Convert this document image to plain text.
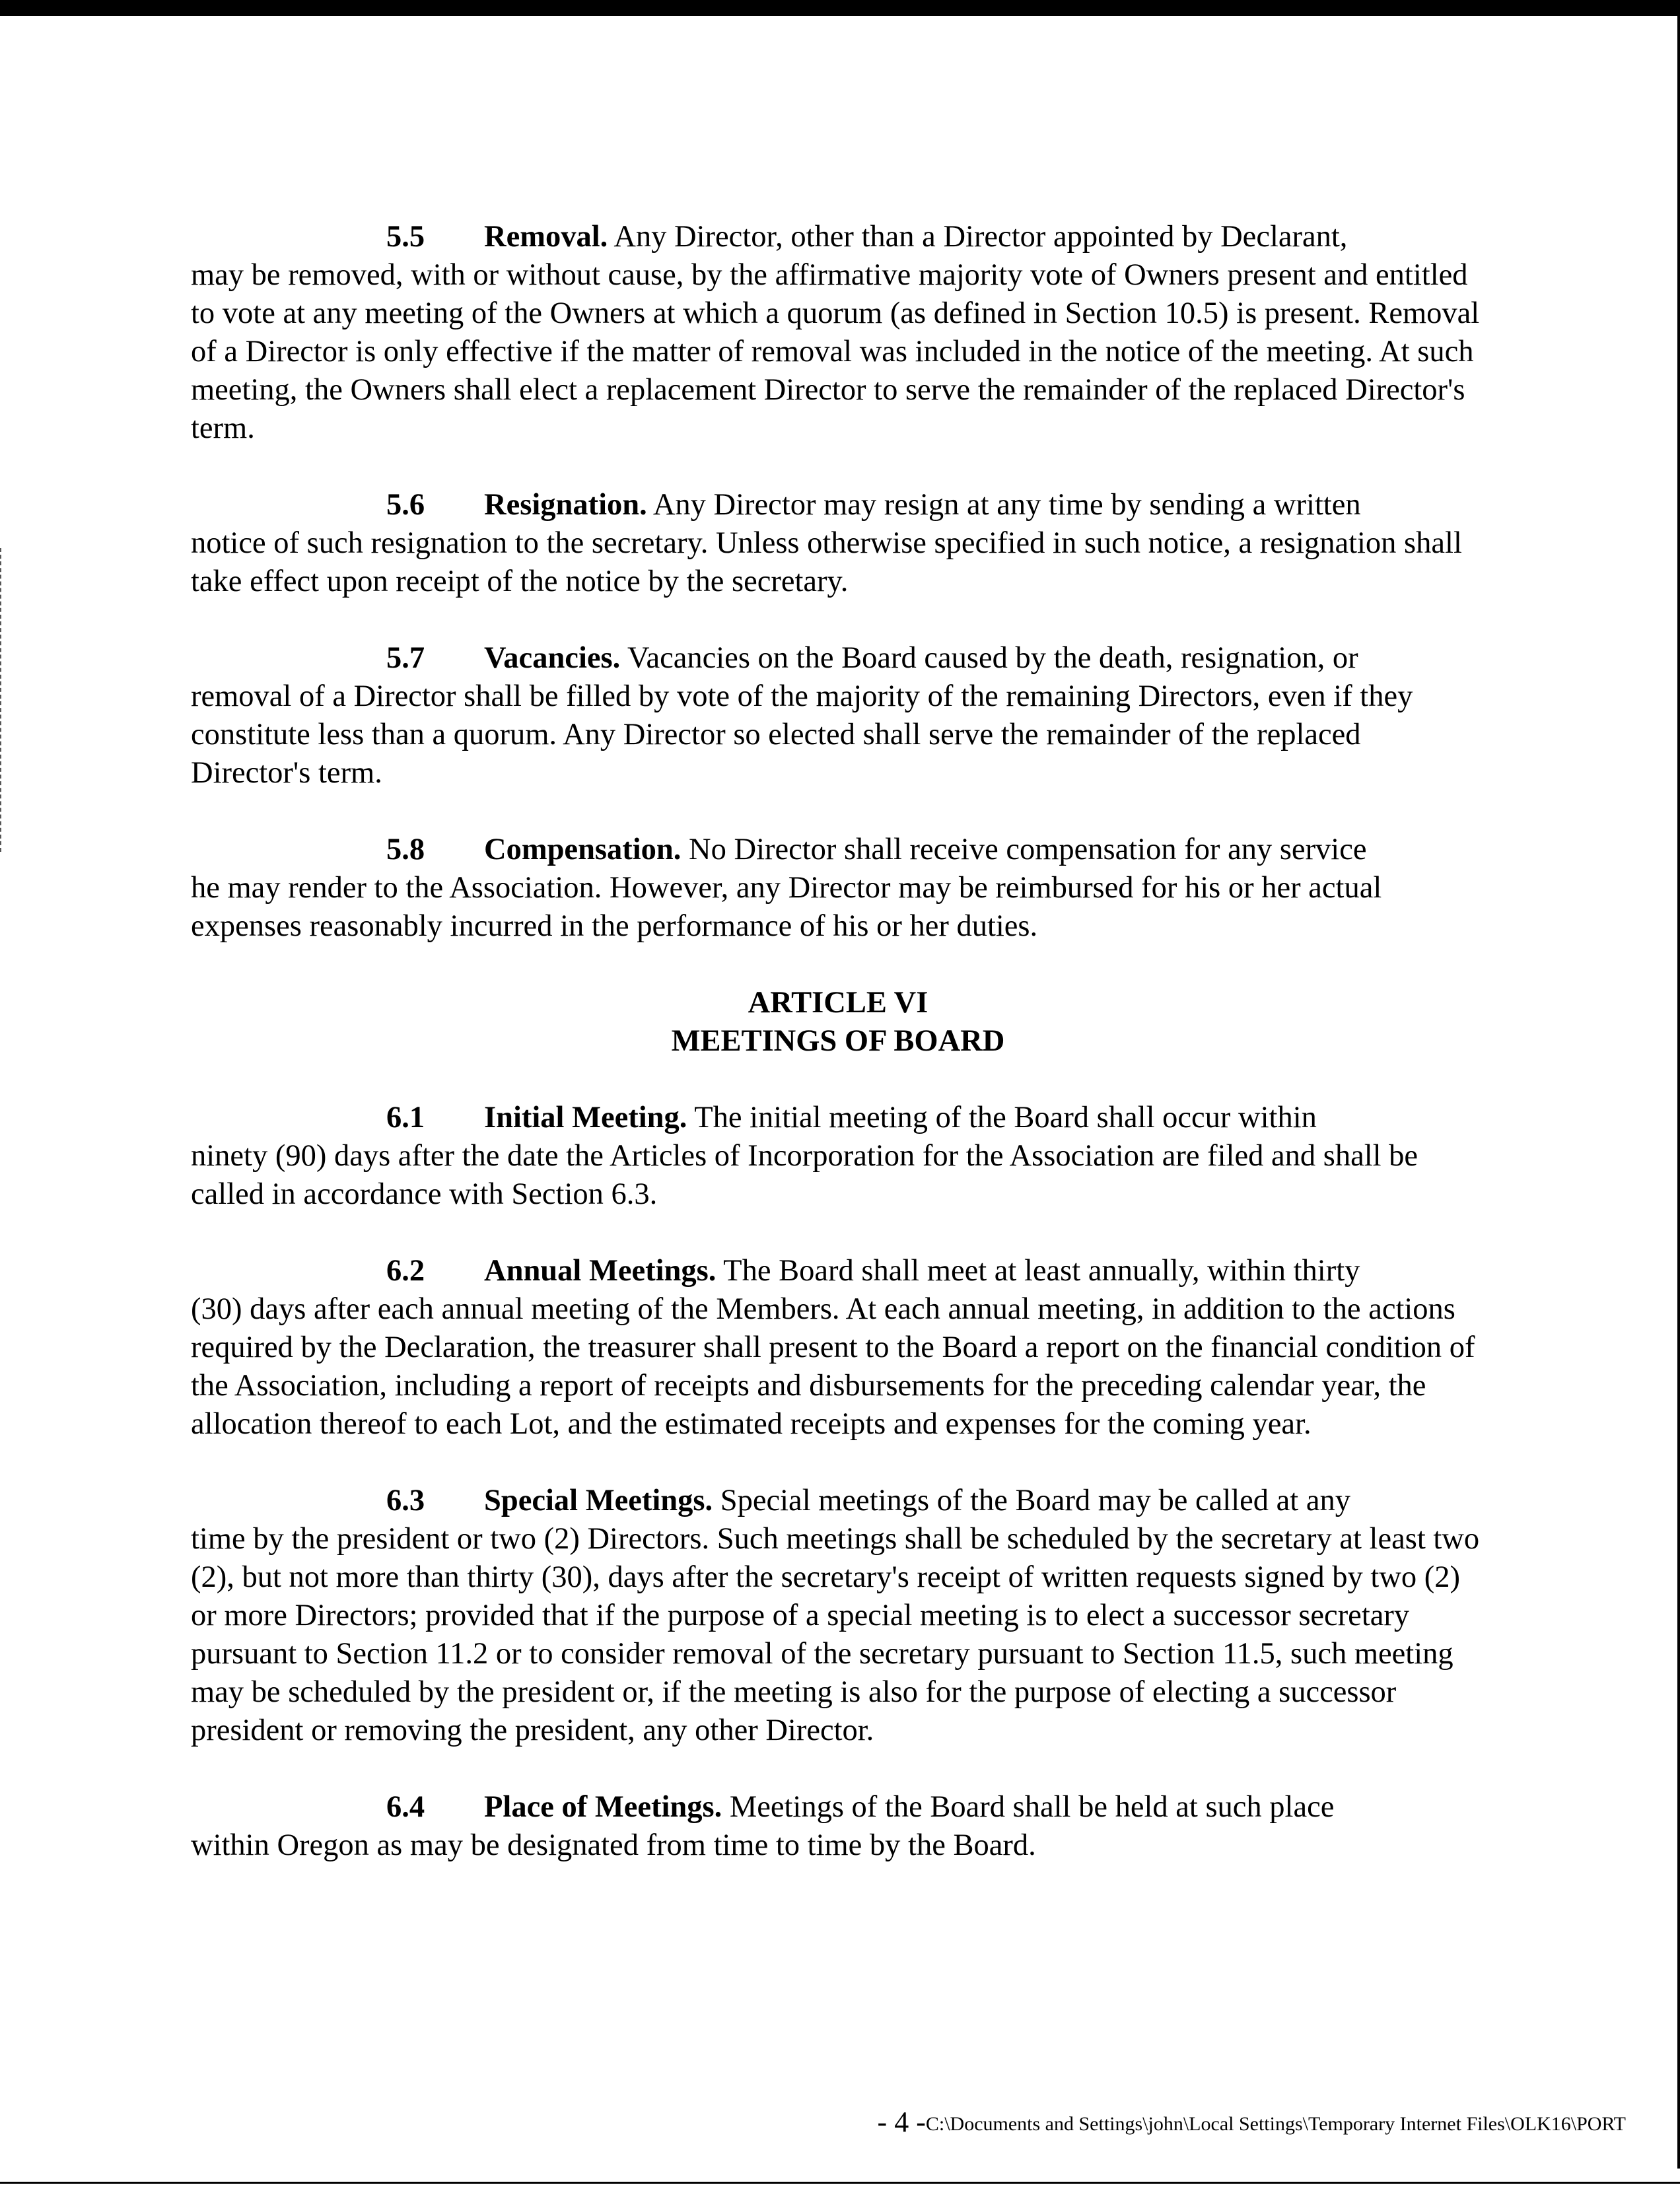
5.5 Removal. Any Director, other than a Director appointed by Declarant,
may be removed, with or without cause, by the affirmative majority vote of Owners present and entitled to vote at any meeting of the Owners at which a quorum (as defined in Section 10.5) is present. Removal of a Director is only effective if the matter of removal was included in the notice of the meeting. At such meeting, the Owners shall elect a replacement Director to serve the remainder of the replaced Director's term.
5.6 Resignation. Any Director may resign at any time by sending a written
notice of such resignation to the secretary. Unless otherwise specified in such notice, a resignation shall take effect upon receipt of the notice by the secretary.
5.7 Vacancies. Vacancies on the Board caused by the death, resignation, or
removal of a Director shall be filled by vote of the majority of the remaining Directors, even if they constitute less than a quorum. Any Director so elected shall serve the remainder of the replaced Director's term.
5.8 Compensation. No Director shall receive compensation for any service
he may render to the Association. However, any Director may be reimbursed for his or her actual expenses reasonably incurred in the performance of his or her duties.
ARTICLE VI
MEETINGS OF BOARD
6.1 Initial Meeting. The initial meeting of the Board shall occur within
ninety (90) days after the date the Articles of Incorporation for the Association are filed and shall be called in accordance with Section 6.3.
6.2 Annual Meetings. The Board shall meet at least annually, within thirty
(30) days after each annual meeting of the Members. At each annual meeting, in addition to the actions required by the Declaration, the treasurer shall present to the Board a report on the financial condition of the Association, including a report of receipts and disbursements for the preceding calendar year, the allocation thereof to each Lot, and the estimated receipts and expenses for the coming year.
6.3 Special Meetings. Special meetings of the Board may be called at any
time by the president or two (2) Directors. Such meetings shall be scheduled by the secretary at least two (2), but not more than thirty (30), days after the secretary's receipt of written requests signed by two (2) or more Directors; provided that if the purpose of a special meeting is to elect a successor secretary pursuant to Section 11.2 or to consider removal of the secretary pursuant to Section 11.5, such meeting may be scheduled by the president or, if the meeting is also for the purpose of electing a successor president or removing the president, any other Director.
6.4 Place of Meetings. Meetings of the Board shall be held at such place
within Oregon as may be designated from time to time by the Board.
- 4 -C:\Documents and Settings\john\Local Settings\Temporary Internet Files\OLK16\PORT
